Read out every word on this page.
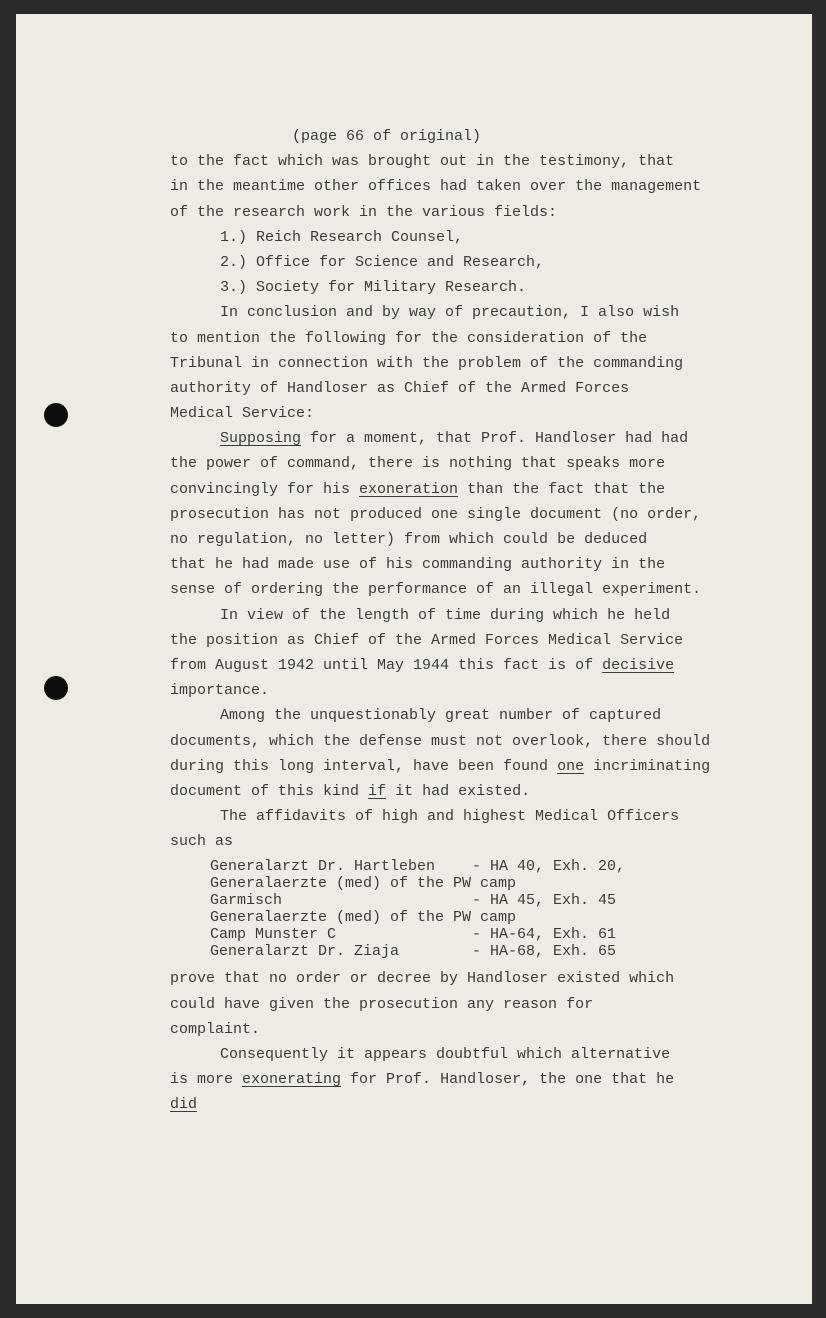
(page 66 of original)
to the fact which was brought out in the testimony, that
in the meantime other offices had taken over the management
of the research work in the various fields:
1.) Reich Research Counsel,
2.) Office for Science and Research,
3.) Society for Military Research.
In conclusion and by way of precaution, I also wish
to mention the following for the consideration of the
Tribunal in connection with the problem of the commanding
authority of Handloser as Chief of the Armed Forces
Medical Service:
Supposing for a moment, that Prof. Handloser had had
the power of command, there is nothing that speaks more
convincingly for his exoneration than the fact that the
prosecution has not produced one single document (no order,
no regulation, no letter) from which could be deduced
that he had made use of his commanding authority in the
sense of ordering the performance of an illegal experiment.
In view of the length of time during which he held
the position as Chief of the Armed Forces Medical Service
from August 1942 until May 1944 this fact is of decisive
importance.
Among the unquestionably great number of captured
documents, which the defense must not overlook, there should
during this long interval, have been found one incriminating
document of this kind if it had existed.
The affidavits of high and highest Medical Officers
such as
Generalarzt Dr. Hartleben	- HA 40, Exh. 20,
Generalaerzte (med) of the PW camp
Garmisch	- HA 45, Exh. 45
Generalaerzte (med) of the PW camp
Camp Munster C	- HA-64, Exh. 61
Generalarzt Dr. Ziaja	- HA-68, Exh. 65
prove that no order or decree by Handloser existed which
could have given the prosecution any reason for
complaint.
Consequently it appears doubtful which alternative
is more exonerating for Prof. Handloser, the one that he
did
